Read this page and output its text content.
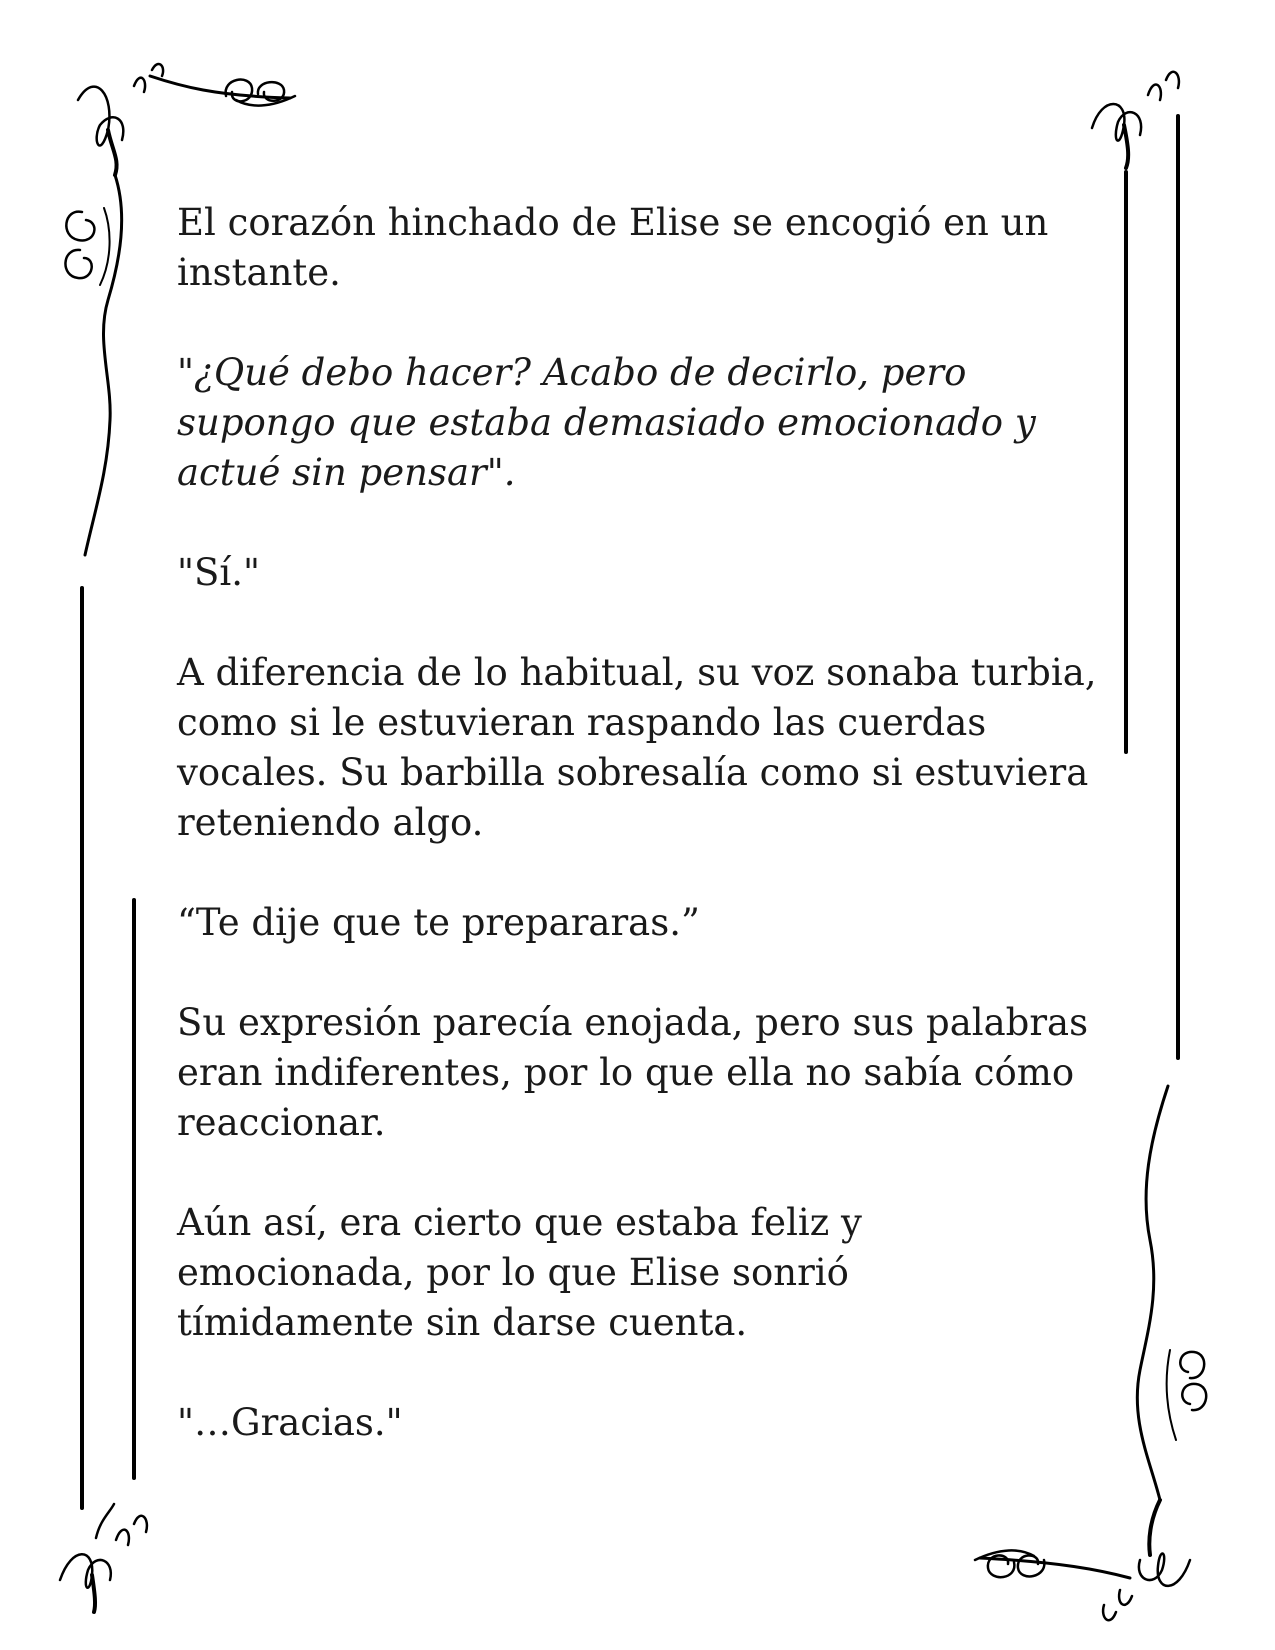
El corazón hinchado de Elise se encogió en un instante.

"¿Qué debo hacer? Acabo de decirlo, pero supongo que estaba demasiado emocionado y actué sin pensar".

"Sí."

A diferencia de lo habitual, su voz sonaba turbia, como si le estuvieran raspando las cuerdas vocales. Su barbilla sobresalía como si estuviera reteniendo algo.

“Te dije que te prepararas.”

Su expresión parecía enojada, pero sus palabras eran indiferentes, por lo que ella no sabía cómo reaccionar.

Aún así, era cierto que estaba feliz y emocionada, por lo que Elise sonrió tímidamente sin darse cuenta.

"…Gracias."
